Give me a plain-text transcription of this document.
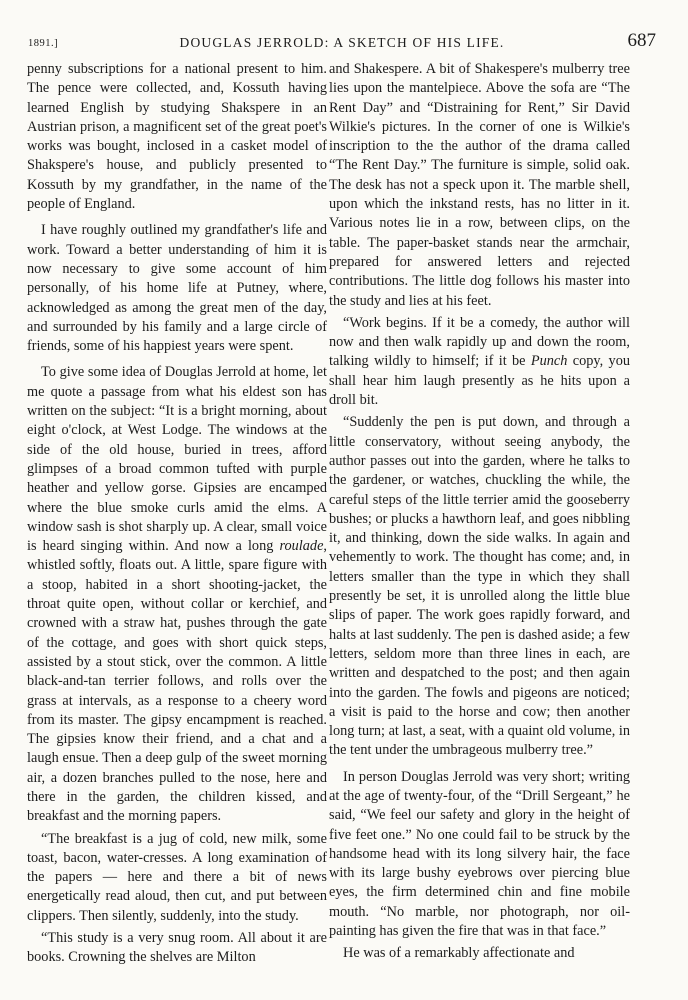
1891.]	DOUGLAS JERROLD: A SKETCH OF HIS LIFE.	687

penny subscriptions for a national present to him. The pence were collected, and, Kossuth having learned English by studying Shakspere in an Austrian prison, a magnificent set of the great poet's works was bought, inclosed in a casket model of Shakspere's house, and publicly presented to Kossuth by my grandfather, in the name of the people of England.

I have roughly outlined my grandfather's life and work. Toward a better understanding of him it is now necessary to give some account of him personally, of his home life at Putney, where, acknowledged as among the great men of the day, and surrounded by his family and a large circle of friends, some of his happiest years were spent.

To give some idea of Douglas Jerrold at home, let me quote a passage from what his eldest son has written on the subject: “It is a bright morning, about eight o'clock, at West Lodge. The windows at the side of the old house, buried in trees, afford glimpses of a broad common tufted with purple heather and yellow gorse. Gipsies are encamped where the blue smoke curls amid the elms. A window sash is shot sharply up. A clear, small voice is heard singing within. And now a long roulade, whistled softly, floats out. A little, spare figure with a stoop, habited in a short shooting-jacket, the throat quite open, without collar or kerchief, and crowned with a straw hat, pushes through the gate of the cottage, and goes with short quick steps, assisted by a stout stick, over the common. A little black-and-tan terrier follows, and rolls over the grass at intervals, as a response to a cheery word from its master. The gipsy encampment is reached. The gipsies know their friend, and a chat and a laugh ensue. Then a deep gulp of the sweet morning air, a dozen branches pulled to the nose, here and there in the garden, the children kissed, and breakfast and the morning papers.

“The breakfast is a jug of cold, new milk, some toast, bacon, water-cresses. A long examination of the papers — here and there a bit of news energetically read aloud, then cut, and put between clippers. Then silently, suddenly, into the study.

“This study is a very snug room. All about it are books. Crowning the shelves are Milton

and Shakespere. A bit of Shakespere's mulberry tree lies upon the mantelpiece. Above the sofa are “The Rent Day” and “Distraining for Rent,” Sir David Wilkie's pictures. In the corner of one is Wilkie's inscription to the the author of the drama called “The Rent Day.” The furniture is simple, solid oak. The desk has not a speck upon it. The marble shell, upon which the inkstand rests, has no litter in it. Various notes lie in a row, between clips, on the table. The paper-basket stands near the armchair, prepared for answered letters and rejected contributions. The little dog follows his master into the study and lies at his feet.

“Work begins. If it be a comedy, the author will now and then walk rapidly up and down the room, talking wildly to himself; if it be Punch copy, you shall hear him laugh presently as he hits upon a droll bit.

“Suddenly the pen is put down, and through a little conservatory, without seeing anybody, the author passes out into the garden, where he talks to the gardener, or watches, chuckling the while, the careful steps of the little terrier amid the gooseberry bushes; or plucks a hawthorn leaf, and goes nibbling it, and thinking, down the side walks. In again and vehemently to work. The thought has come; and, in letters smaller than the type in which they shall presently be set, it is unrolled along the little blue slips of paper. The work goes rapidly forward, and halts at last suddenly. The pen is dashed aside; a few letters, seldom more than three lines in each, are written and despatched to the post; and then again into the garden. The fowls and pigeons are noticed; a visit is paid to the horse and cow; then another long turn; at last, a seat, with a quaint old volume, in the tent under the umbrageous mulberry tree.”

In person Douglas Jerrold was very short; writing at the age of twenty-four, of the “Drill Sergeant,” he said, “We feel our safety and glory in the height of five feet one.” No one could fail to be struck by the handsome head with its long silvery hair, the face with its large bushy eyebrows over piercing blue eyes, the firm determined chin and fine mobile mouth. “No marble, nor photograph, nor oil-painting has given the fire that was in that face.”

He was of a remarkably affectionate and
